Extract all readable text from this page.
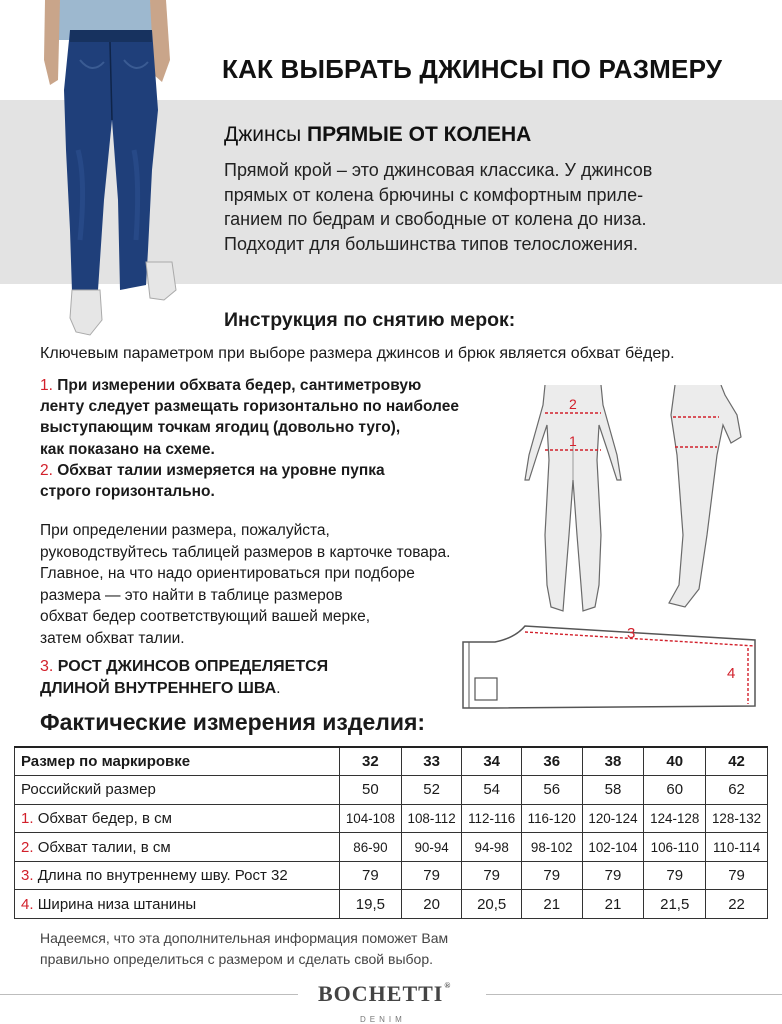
КАК ВЫБРАТЬ ДЖИНСЫ ПО РАЗМЕРУ
Джинсы ПРЯМЫЕ ОТ КОЛЕНА
Прямой крой – это джинсовая классика. У джинсов
прямых от колена брючины с комфортным приле-
ганием по бедрам и свободные от колена до низа.
Подходит для большинства типов телосложения.
Инструкция по снятию мерок:
Ключевым параметром при выборе размера джинсов и брюк является обхват бёдер.
1. При измерении обхвата бедер, сантиметровую
ленту следует размещать горизонтально по наиболее
выступающим точкам ягодиц (довольно туго),
как показано на схеме.
2. Обхват талии измеряется на уровне пупка
строго горизонтально.
При определении размера, пожалуйста,
руководствуйтесь таблицей размеров в карточке товара.
Главное, на что надо ориентироваться при подборе
размера — это найти в таблице размеров
обхват бедер соответствующий вашей мерке,
затем обхват талии.
3. РОСТ ДЖИНСОВ ОПРЕДЕЛЯЕТСЯ
ДЛИНОЙ ВНУТРЕННЕГО ШВА.
2
1
3
4
Фактические измерения изделия:
Размер по маркировке	32	33	34	36	38	40	42
Российский размер	50	52	54	56	58	60	62
1. Обхват бедер, в см	104-108	108-112	112-116	116-120	120-124	124-128	128-132
2. Обхват талии, в см	86-90	90-94	94-98	98-102	102-104	106-110	110-114
3. Длина по внутреннему шву. Рост 32	79	79	79	79	79	79	79
4. Ширина низа штанины	19,5	20	20,5	21	21	21,5	22
Надеемся, что эта дополнительная информация поможет Вам
правильно определиться с размером и сделать свой выбор.
BOCHETTI®
DENIM
